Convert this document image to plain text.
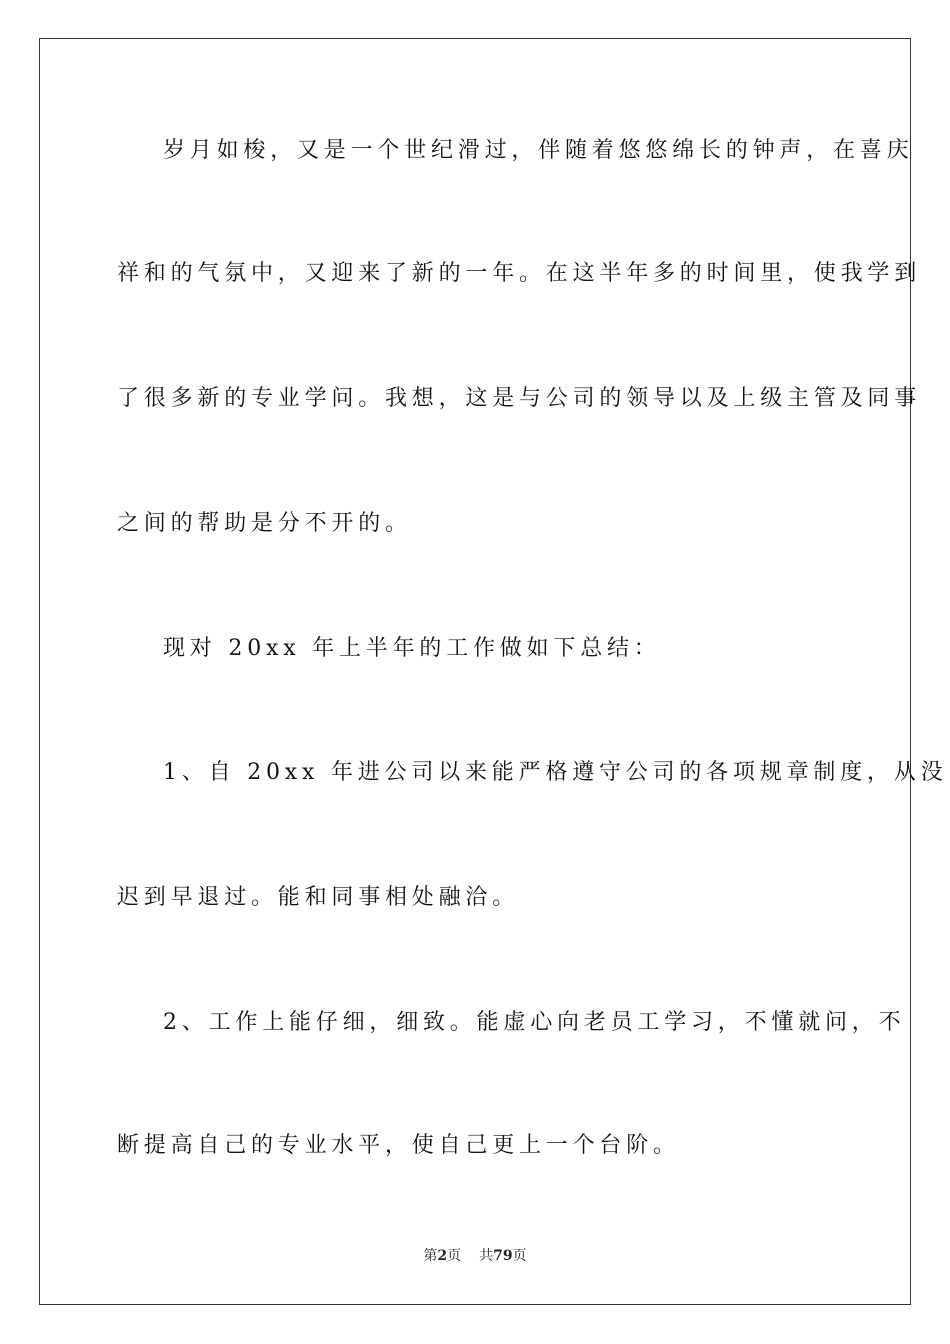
岁月如梭，又是一个世纪滑过，伴随着悠悠绵长的钟声，在喜庆
祥和的气氛中，又迎来了新的一年。在这半年多的时间里，使我学到
了很多新的专业学问。我想，这是与公司的领导以及上级主管及同事
之间的帮助是分不开的。
现对 20xx 年上半年的工作做如下总结：
1、自 20xx 年进公司以来能严格遵守公司的各项规章制度，从没
迟到早退过。能和同事相处融洽。
2、工作上能仔细，细致。能虚心向老员工学习，不懂就问，不
断提高自己的专业水平，使自己更上一个台阶。
第2页 共79页
